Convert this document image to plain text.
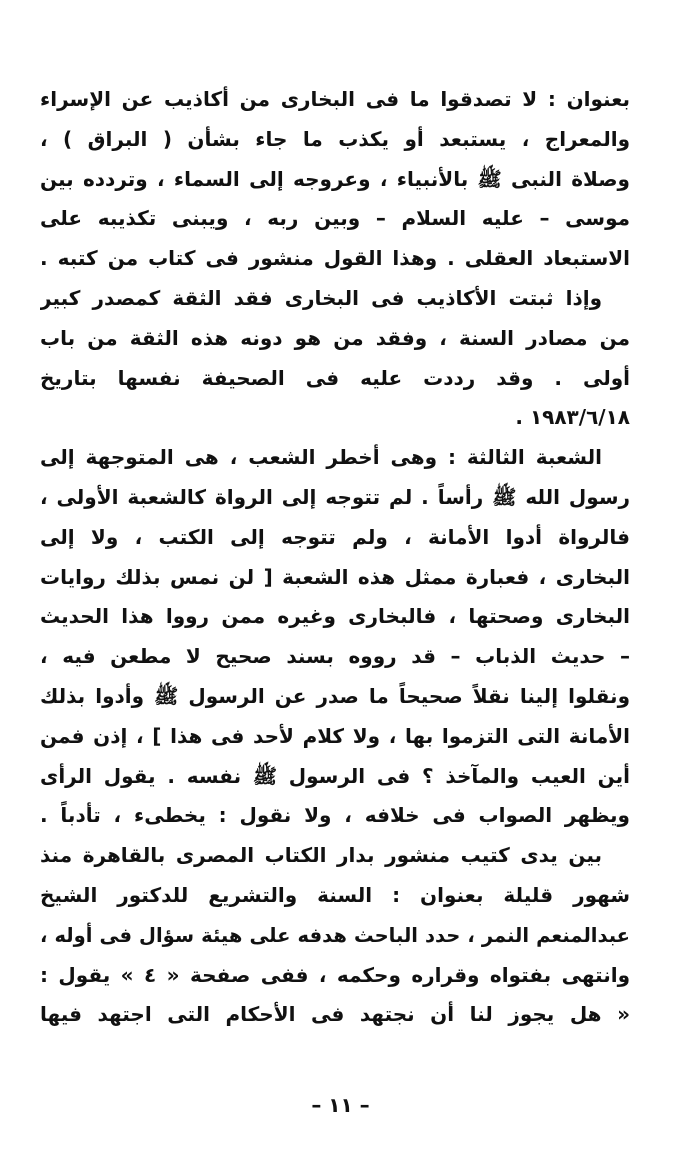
بعنوان : لا تصدقوا ما فى البخارى من أكاذيب عن الإسراء
والمعراج ، يستبعد أو يكذب ما جاء بشأن ( البراق ) ،
وصلاة النبى ﷺ بالأنبياء ، وعروجه إلى السماء ، وتردده بين
موسى – عليه السلام – وبين ربه ، ويبنى تكذيبه على
الاستبعاد العقلى . وهذا القول منشور فى كتاب من كتبه .
وإذا ثبتت الأكاذيب فى البخارى فقد الثقة كمصدر كبير
من مصادر السنة ، وفقد من هو دونه هذه الثقة من باب
أولى . وقد رددت عليه فى الصحيفة نفسها بتاريخ
١٩٨٣/٦/١٨ .
الشعبة الثالثة : وهى أخطر الشعب ، هى المتوجهة إلى
رسول الله ﷺ رأساً . لم تتوجه إلى الرواة كالشعبة الأولى ،
فالرواة أدوا الأمانة ، ولم تتوجه إلى الكتب ، ولا إلى
البخارى ، فعبارة ممثل هذه الشعبة [ لن نمس بذلك روايات
البخارى وصحتها ، فالبخارى وغيره ممن رووا هذا الحديث
– حديث الذباب – قد رووه بسند صحيح لا مطعن فيه ،
ونقلوا إلينا نقلاً صحيحاً ما صدر عن الرسول ﷺ وأدوا بذلك
الأمانة التى التزموا بها ، ولا كلام لأحد فى هذا ] ، إذن فمن
أين العيب والمآخذ ؟ فى الرسول ﷺ نفسه . يقول الرأى
ويظهر الصواب فى خلافه ، ولا نقول : يخطىء ، تأدباً .
بين يدى كتيب منشور بدار الكتاب المصرى بالقاهرة منذ
شهور قليلة بعنوان : السنة والتشريع للدكتور الشيخ
عبدالمنعم النمر ، حدد الباحث هدفه على هيئة سؤال فى أوله ،
وانتهى بفتواه وقراره وحكمه ، ففى صفحة « ٤ » يقول :
« هل يجوز لنا أن نجتهد فى الأحكام التى اجتهد فيها
– ١١ –
